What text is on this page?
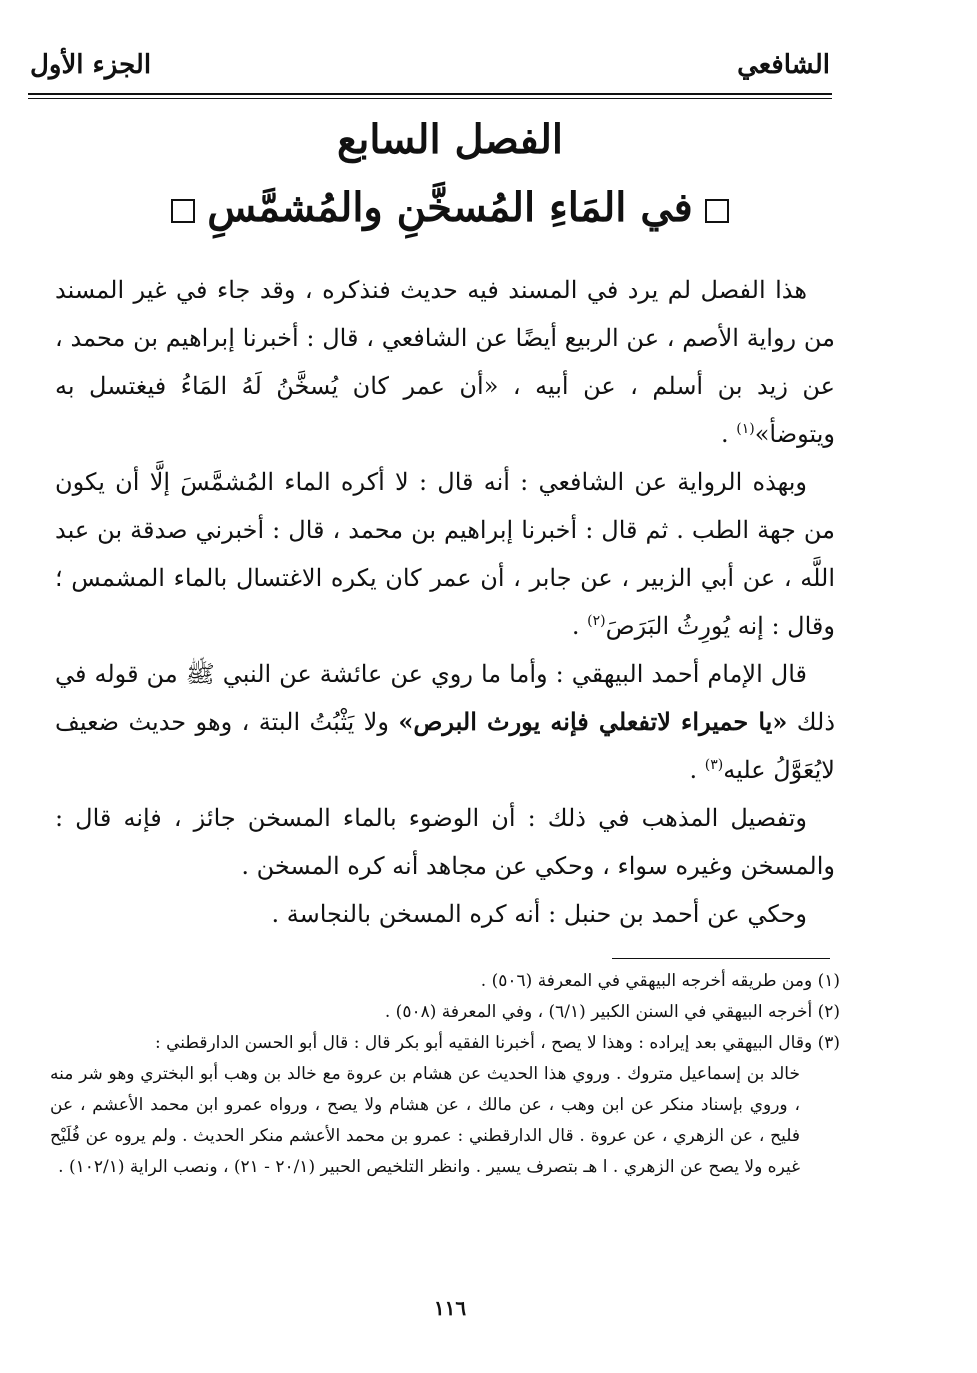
الشافعي
الجزء الأول
الفصل السابع
في المَاءِ المُسخَّنِ والمُشمَّسِ

هذا الفصل لم يرد في المسند فيه حديث فنذكره ، وقد جاء في غير المسند من رواية الأصم ، عن الربيع أيضًا عن الشافعي ، قال : أخبرنا إبراهيم بن محمد ، عن زيد بن أسلم ، عن أبيه ، «أن عمر كان يُسخَّنُ لَهُ المَاءُ فيغتسل به ويتوضأ»$^{(١)}$ .

وبهذه الرواية عن الشافعي : أنه قال : لا أكره الماء المُشمَّسَ إلَّا أن يكون من جهة الطب . ثم قال : أخبرنا إبراهيم بن محمد ، قال : أخبرني صدقة بن عبد اللَّه ، عن أبي الزبير ، عن جابر ، أن عمر كان يكره الاغتسال بالماء المشمس ؛ وقال : إنه يُورِثُ البَرَصَ$^{(٢)}$ .

قال الإمام أحمد البيهقي : وأما ما روي عن عائشة عن النبي ﷺ من قوله في ذلك «يا حميراء لاتفعلي فإنه يورث البرص» ولا يَثْبُتُ البتة ، وهو حديث ضعيف لايُعَوَّلُ عليه$^{(٣)}$ .

وتفصيل المذهب في ذلك : أن الوضوء بالماء المسخن جائز ، فإنه قال : والمسخن وغيره سواء ، وحكي عن مجاهد أنه كره المسخن .

وحكي عن أحمد بن حنبل : أنه كره المسخن بالنجاسة .

(١) ومن طريقه أخرجه البيهقي في المعرفة (٥٠٦) .

(٢) أخرجه البيهقي في السنن الكبير (٦/١) ، وفي المعرفة (٥٠٨) .

(٣) وقال البيهقي بعد إيراده : وهذا لا يصح ، أخبرنا الفقيه أبو بكر قال : قال أبو الحسن الدارقطني :

خالد بن إسماعيل متروك . وروي هذا الحديث عن هشام بن عروة مع خالد بن وهب أبو البختري وهو شر منه ، وروي بإسناد منكر عن ابن وهب ، عن مالك ، عن هشام ولا يصح ، ورواه عمرو ابن محمد الأعشم ، عن فليح ، عن الزهري ، عن عروة . قال الدارقطني : عمرو بن محمد الأعشم منكر الحديث . ولم يروه عن فُلَيْح غيره ولا يصح عن الزهري . ا هـ بتصرف يسير . وانظر التلخيص الحبير (٢٠/١ - ٢١) ، ونصب الراية (١٠٢/١) .

١١٦
